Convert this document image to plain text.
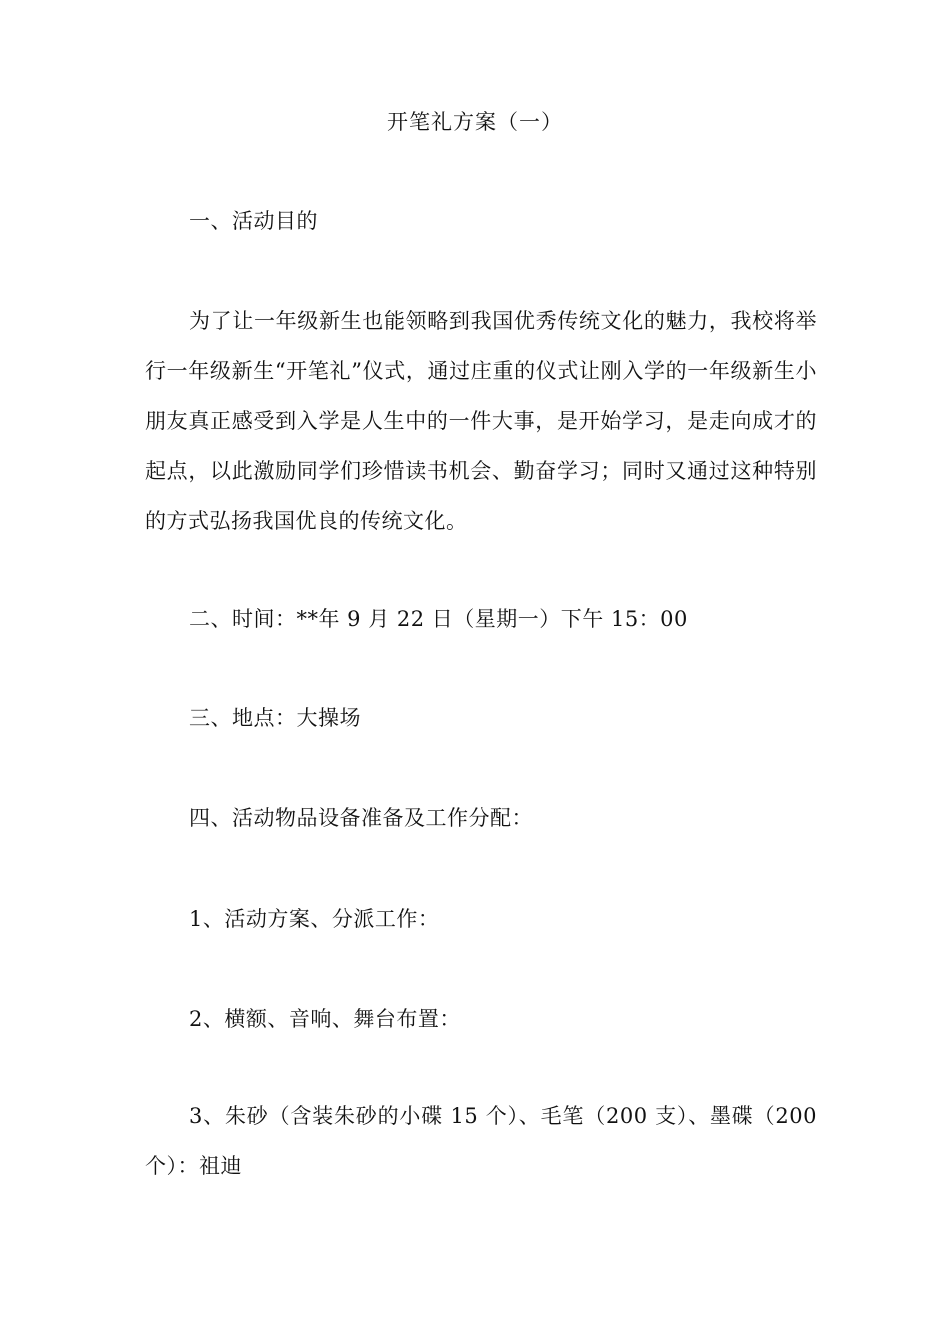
开笔礼方案（一）
一、活动目的
为了让一年级新生也能领略到我国优秀传统文化的魅力，我校将举行一年级新生“开笔礼”仪式，通过庄重的仪式让刚入学的一年级新生小朋友真正感受到入学是人生中的一件大事，是开始学习，是走向成才的起点，以此激励同学们珍惜读书机会、勤奋学习；同时又通过这种特别的方式弘扬我国优良的传统文化。
二、时间：**年 9 月 22 日（星期一）下午 15：00
三、地点：大操场
四、活动物品设备准备及工作分配：
1、活动方案、分派工作：
2、横额、音响、舞台布置：
3、朱砂（含装朱砂的小碟 15 个）、毛笔（200 支）、墨碟（200 个）：祖迪
